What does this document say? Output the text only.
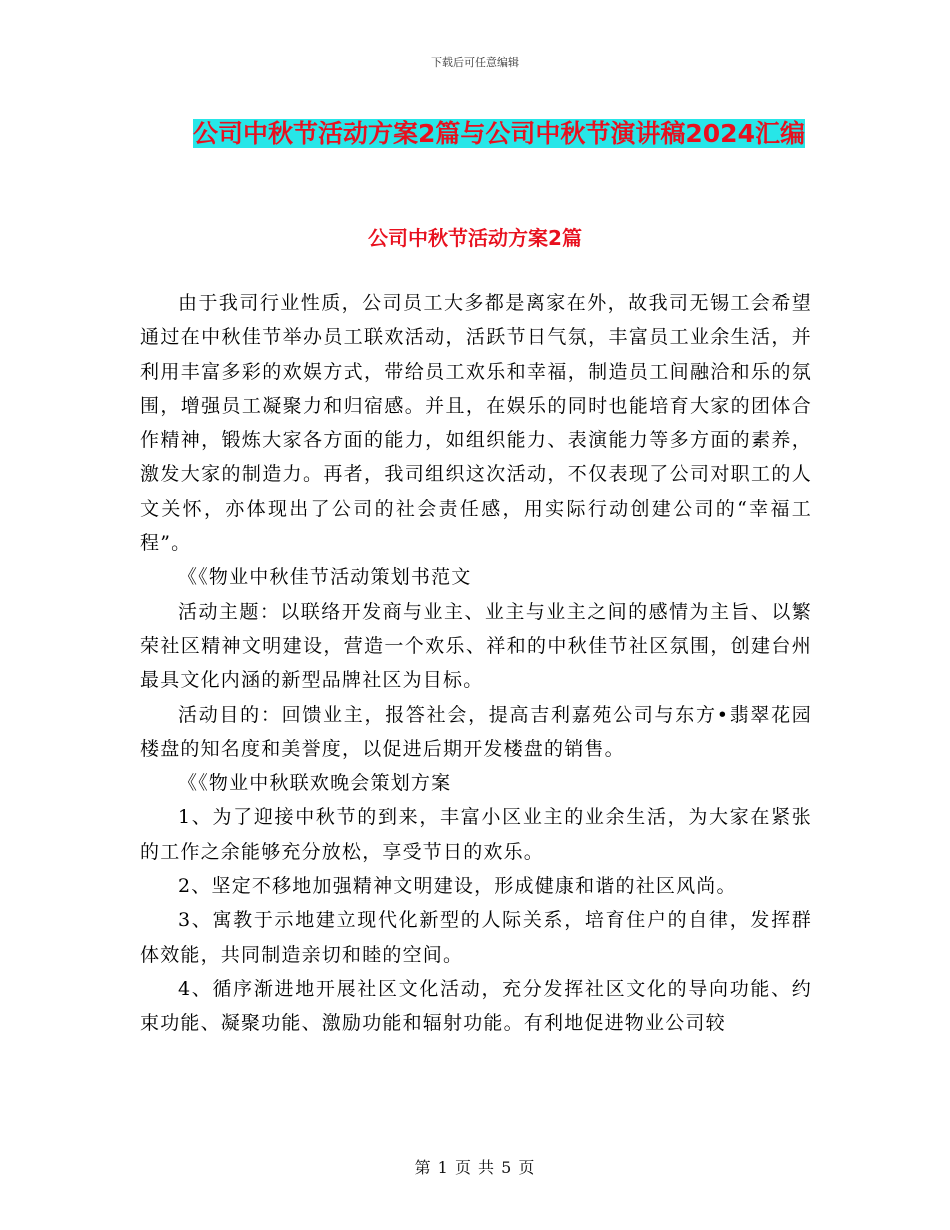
下载后可任意编辑
公司中秋节活动方案2篇与公司中秋节演讲稿2024汇编
公司中秋节活动方案2篇

由于我司行业性质，公司员工大多都是离家在外，故我司无锡工会希望通过在中秋佳节举办员工联欢活动，活跃节日气氛，丰富员工业余生活，并利用丰富多彩的欢娱方式，带给员工欢乐和幸福，制造员工间融洽和乐的氛围，增强员工凝聚力和归宿感。并且，在娱乐的同时也能培育大家的团体合作精神，锻炼大家各方面的能力，如组织能力、表演能力等多方面的素养，激发大家的制造力。再者，我司组织这次活动，不仅表现了公司对职工的人文关怀，亦体现出了公司的社会责任感，用实际行动创建公司的“幸福工程”。

《《物业中秋佳节活动策划书范文

活动主题：以联络开发商与业主、业主与业主之间的感情为主旨、以繁荣社区精神文明建设，营造一个欢乐、祥和的中秋佳节社区氛围，创建台州最具文化内涵的新型品牌社区为目标。

活动目的：回馈业主，报答社会，提高吉利嘉苑公司与东方•翡翠花园楼盘的知名度和美誉度，以促进后期开发楼盘的销售。

《《物业中秋联欢晚会策划方案

1、为了迎接中秋节的到来，丰富小区业主的业余生活，为大家在紧张的工作之余能够充分放松，享受节日的欢乐。

2、坚定不移地加强精神文明建设，形成健康和谐的社区风尚。

3、寓教于示地建立现代化新型的人际关系，培育住户的自律，发挥群体效能，共同制造亲切和睦的空间。

4、循序渐进地开展社区文化活动，充分发挥社区文化的导向功能、约束功能、凝聚功能、激励功能和辐射功能。有利地促进物业公司较

第 1 页 共 5 页
